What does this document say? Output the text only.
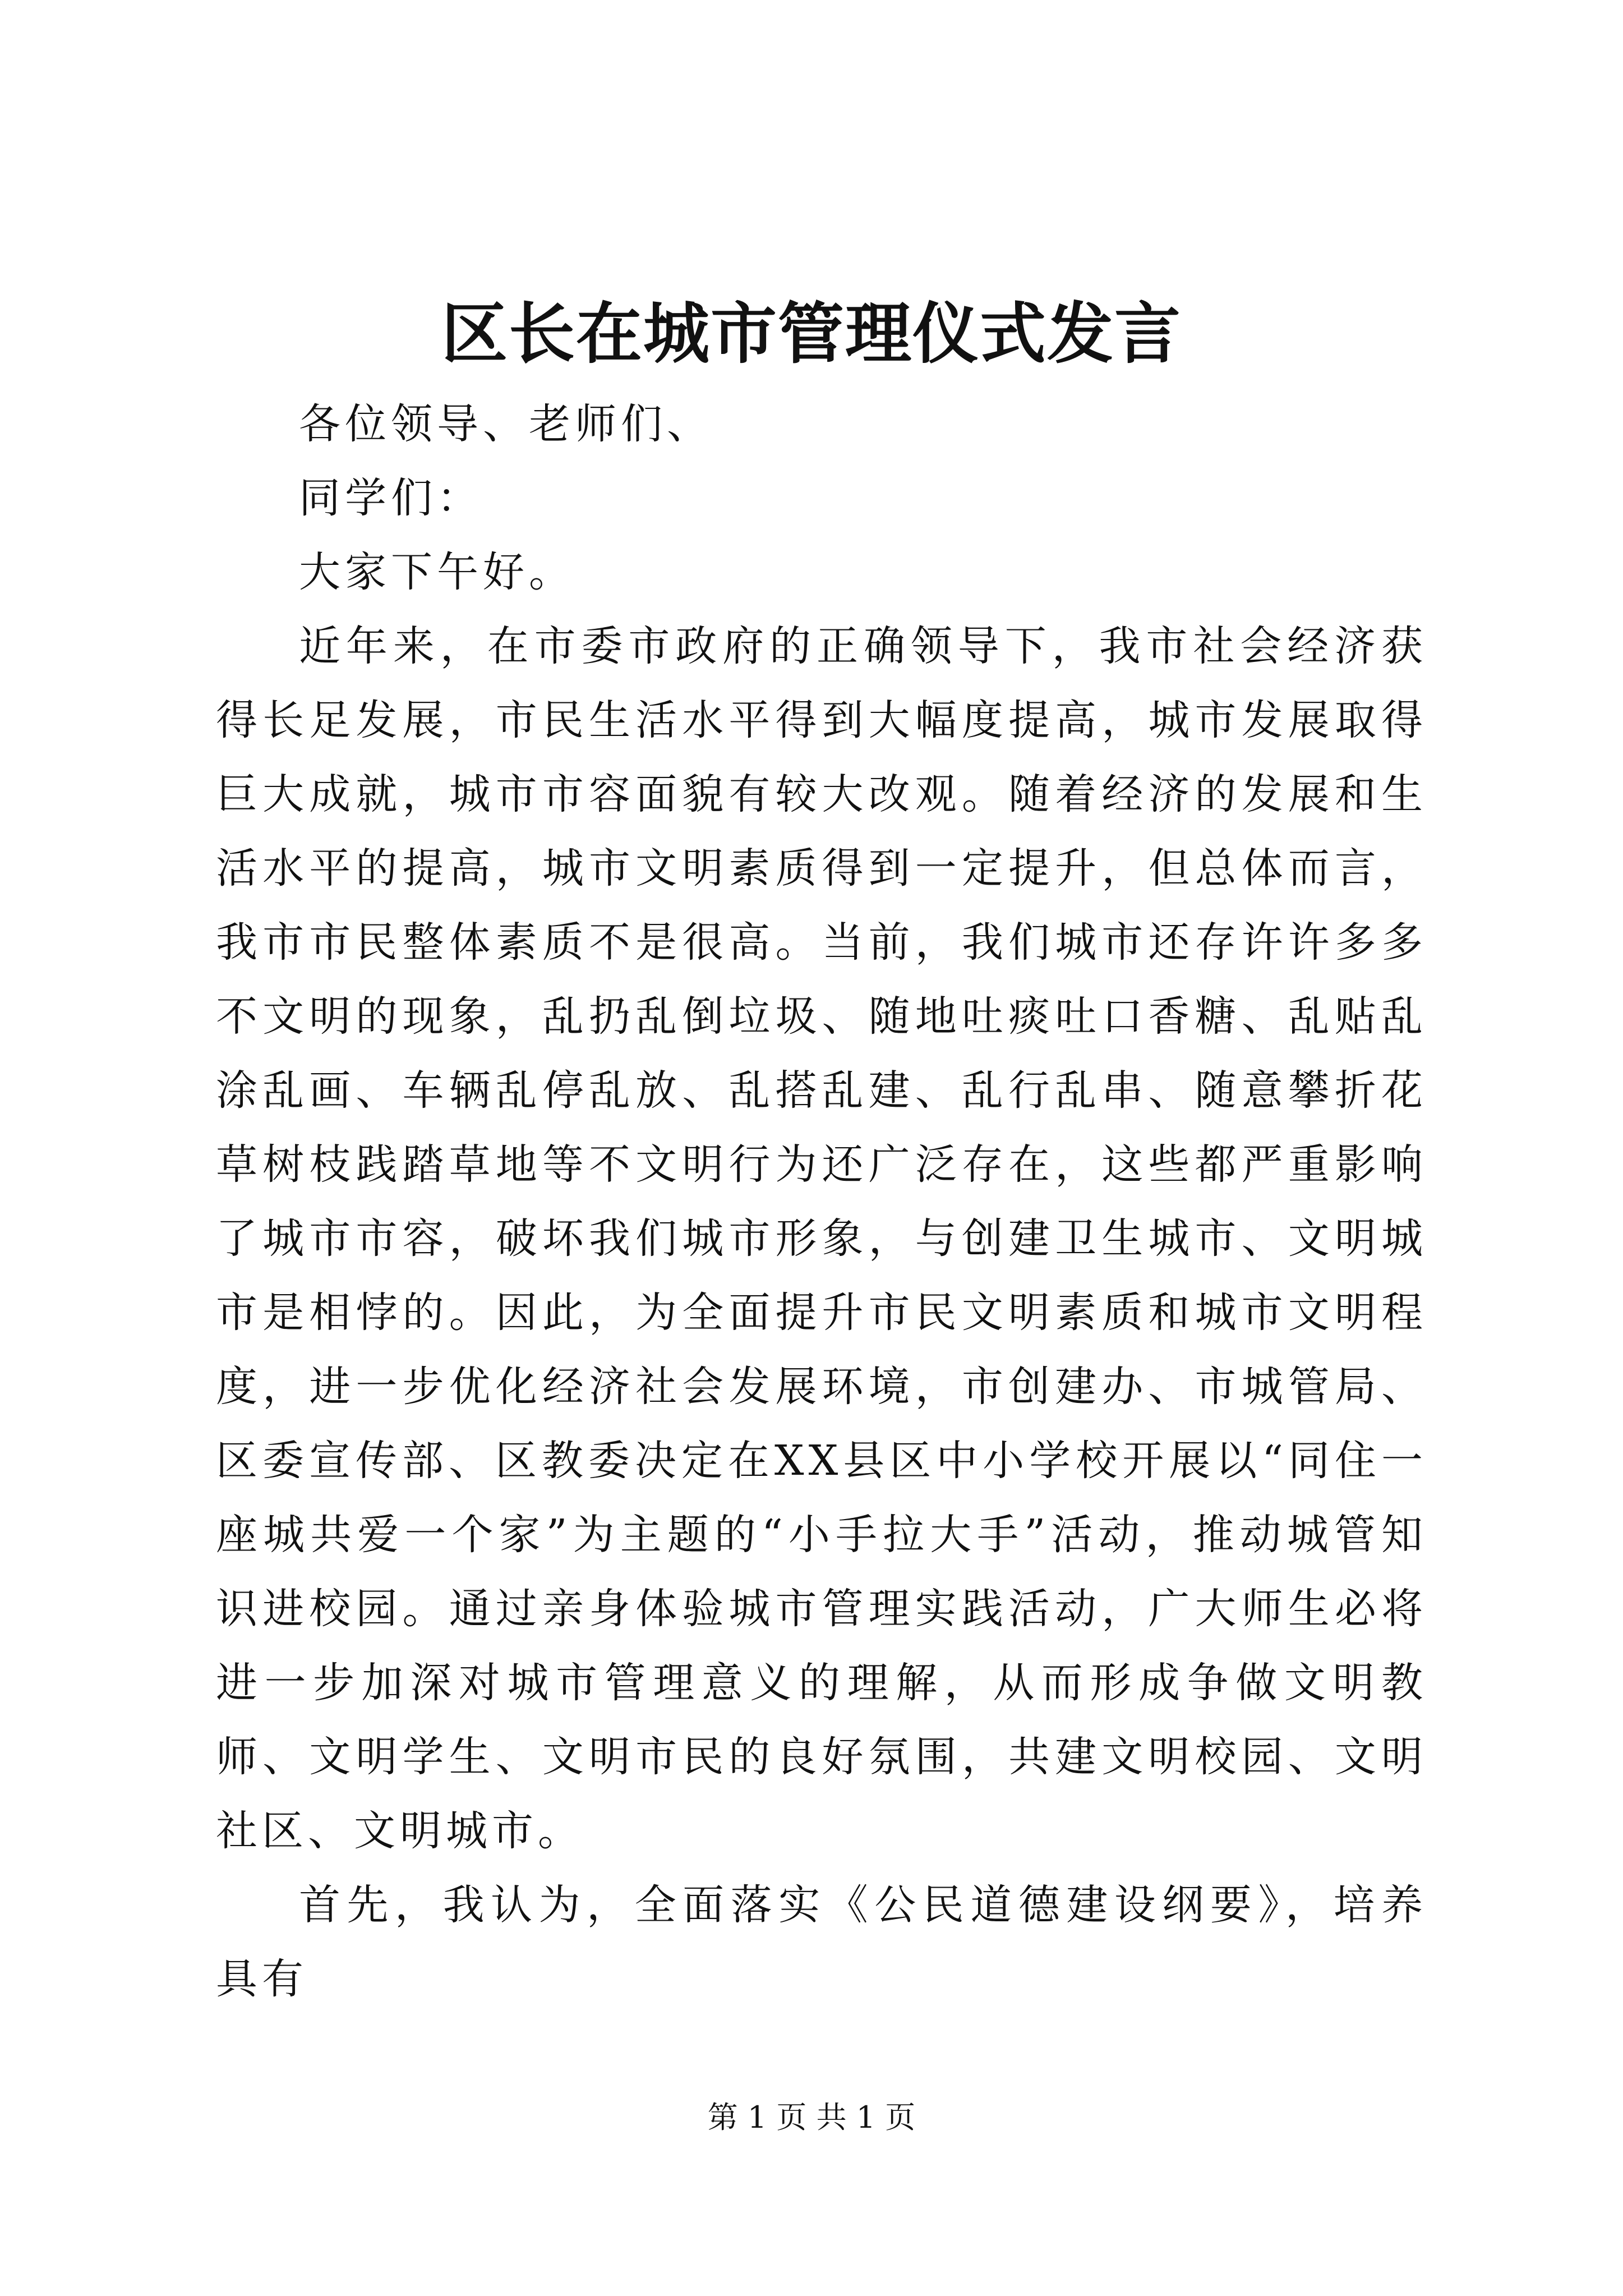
区长在城市管理仪式发言

各位领导、老师们、

同学们：

大家下午好。

近年来，在市委市政府的正确领导下，我市社会经济获得长足发展，市民生活水平得到大幅度提高，城市发展取得巨大成就，城市市容面貌有较大改观。随着经济的发展和生活水平的提高，城市文明素质得到一定提升，但总体而言，我市市民整体素质不是很高。当前，我们城市还存许许多多不文明的现象，乱扔乱倒垃圾、随地吐痰吐口香糖、乱贴乱涂乱画、车辆乱停乱放、乱搭乱建、乱行乱串、随意攀折花草树枝践踏草地等不文明行为还广泛存在，这些都严重影响了城市市容，破坏我们城市形象，与创建卫生城市、文明城市是相悖的。因此，为全面提升市民文明素质和城市文明程度，进一步优化经济社会发展环境，市创建办、市城管局、区委宣传部、区教委决定在XX县区中小学校开展以“同住一座城共爱一个家”为主题的“小手拉大手”活动，推动城管知识进校园。通过亲身体验城市管理实践活动，广大师生必将进一步加深对城市管理意义的理解，从而形成争做文明教师、文明学生、文明市民的良好氛围，共建文明校园、文明社区、文明城市。

首先，我认为，全面落实《公民道德建设纲要》，培养具有

第 1 页 共 1 页
